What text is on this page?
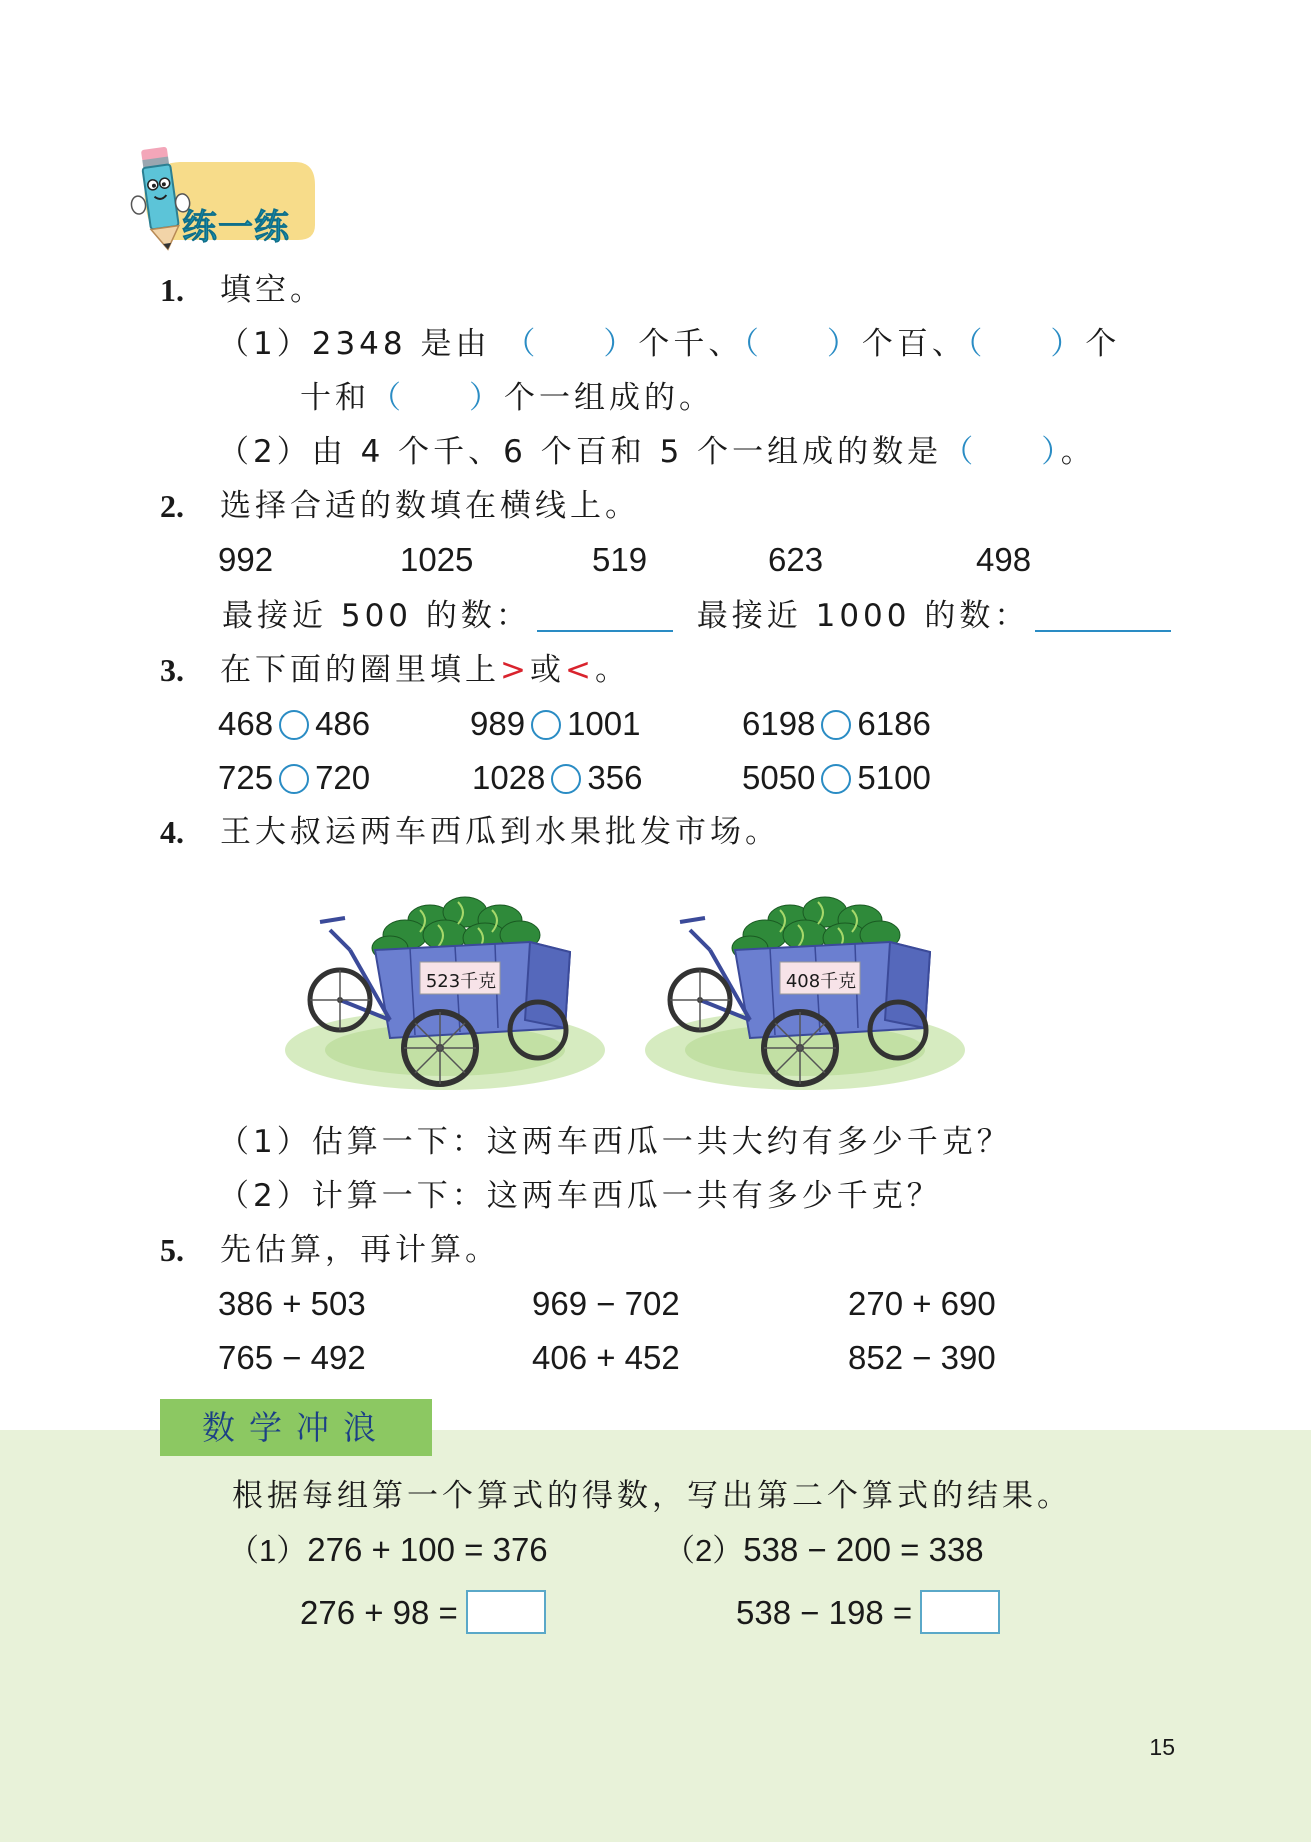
练一练
1. 填空。
（1）2348 是由 （ ）个千、（ ）个百、（ ）个
十和（ ）个一组成的。
（2）由 4 个千、6 个百和 5 个一组成的数是（ ）。
2. 选择合适的数填在横线上。
992	1025	519	623	498
最接近 500 的数：	最接近 1000 的数：
3. 在下面的圈里填上>或<。
468 486	989 1001	6198 6186
725 720	1028 356	5050 5100
4. 王大叔运两车西瓜到水果批发市场。
523千克	408千克
（1）估算一下：这两车西瓜一共大约有多少千克？
（2）计算一下：这两车西瓜一共有多少千克？
5. 先估算，再计算。
386 + 503	969 − 702	270 + 690
765 − 492	406 + 452	852 − 390
数学冲浪
根据每组第一个算式的得数，写出第二个算式的结果。
（1）276 + 100 = 376
276 + 98 =
（2）538 − 200 = 338
538 − 198 =
15
